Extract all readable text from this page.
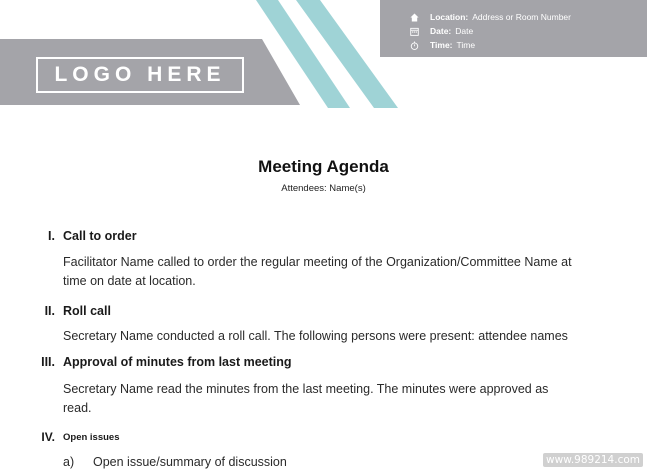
LOGO HERE
Location: Address or Room Number
Date: Date
Time: Time
Meeting Agenda
Attendees: Name(s)
I. Call to order
Facilitator Name called to order the regular meeting of the Organization/Committee Name at
time on date at location.
II. Roll call
Secretary Name conducted a roll call. The following persons were present: attendee names
III. Approval of minutes from last meeting
Secretary Name read the minutes from the last meeting. The minutes were approved as
read.
IV. Open issues
a) Open issue/summary of discussion	www.989214.com
